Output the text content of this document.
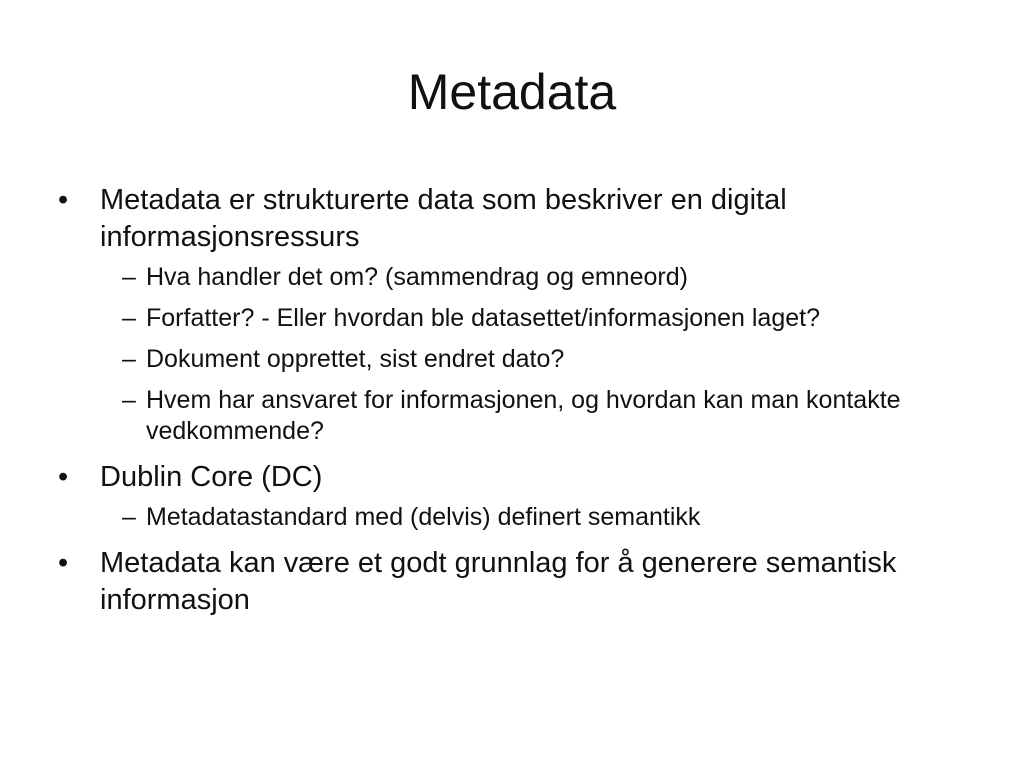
Metadata
• Metadata er strukturerte data som beskriver en digital informasjonsressurs
– Hva handler det om? (sammendrag og emneord)
– Forfatter? - Eller hvordan ble datasettet/informasjonen laget?
– Dokument opprettet, sist endret dato?
– Hvem har ansvaret for informasjonen, og hvordan kan man kontakte vedkommende?
• Dublin Core (DC)
– Metadatastandard med (delvis) definert semantikk
• Metadata kan være et godt grunnlag for å generere semantisk informasjon
